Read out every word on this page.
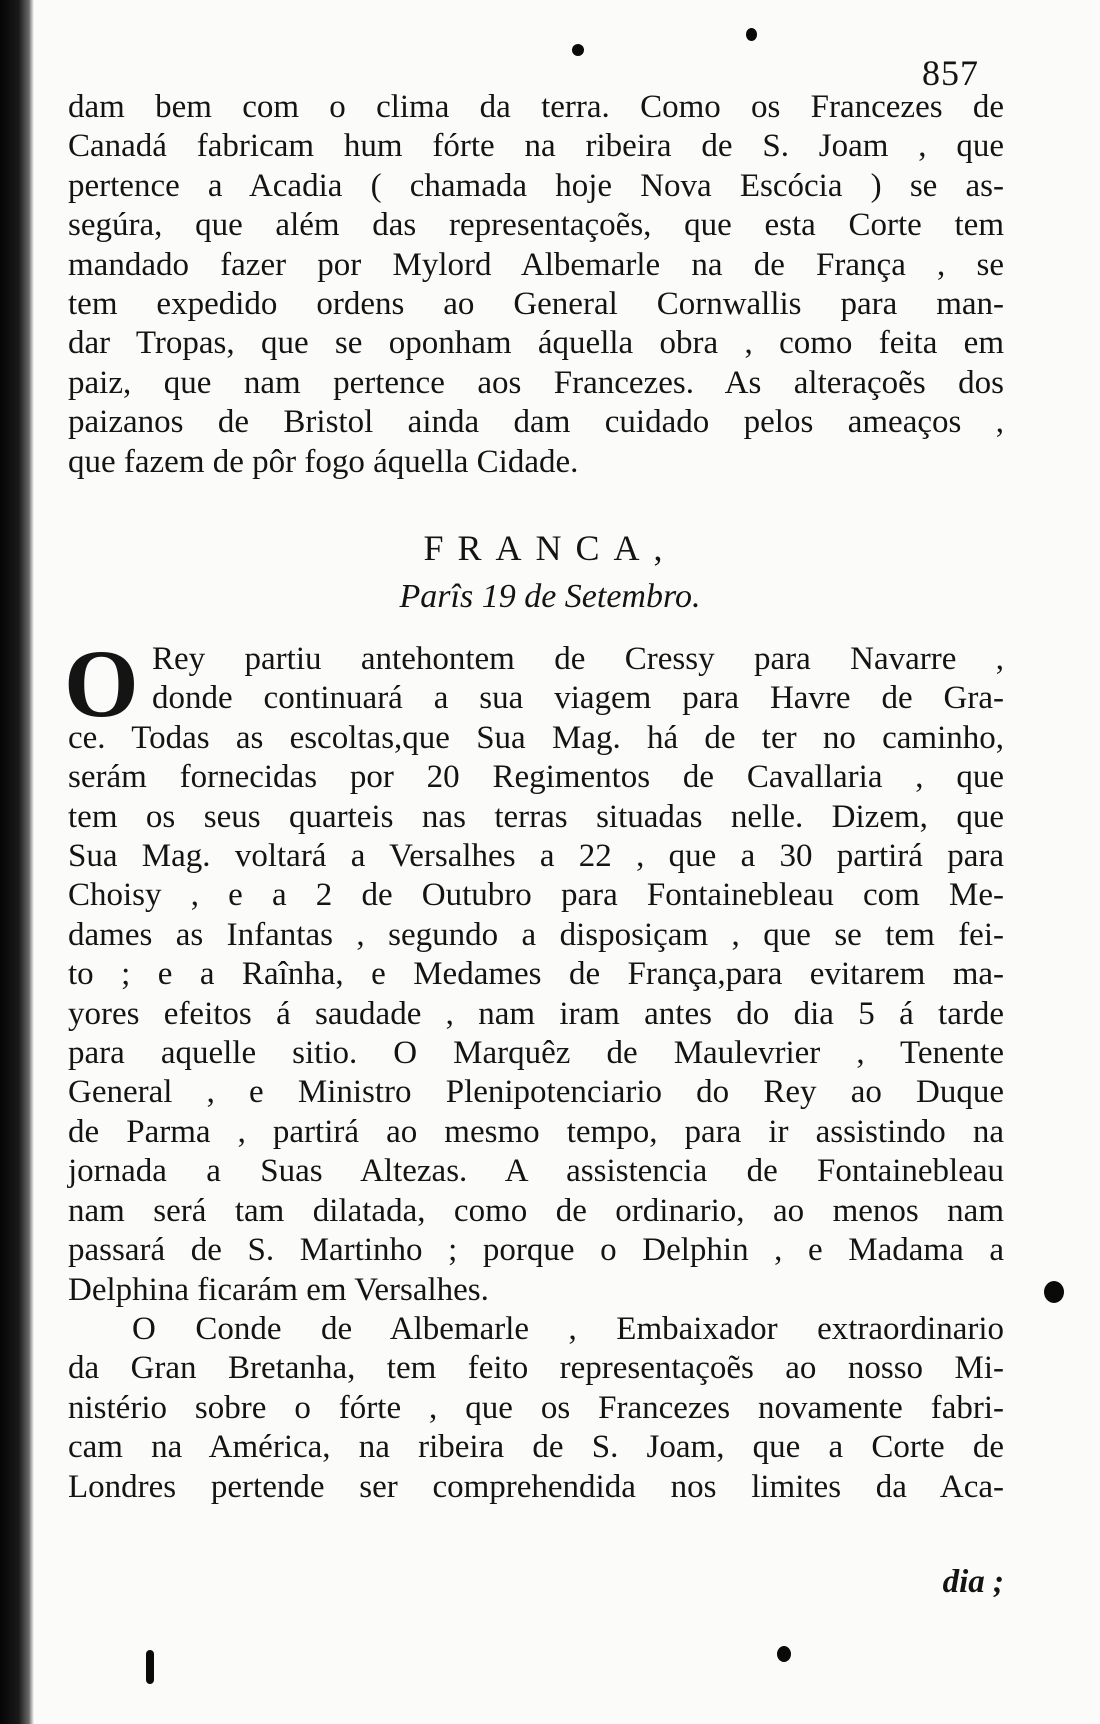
857
dam bem com o clima da terra. Como os Francezes de
Canadá fabricam hum fórte na ribeira de S. Joam , que
pertence a Acadia ( chamada hoje Nova Escócia ) se as-
segúra, que além das representaçoẽs, que esta Corte tem
mandado fazer por Mylord Albemarle na de França , se
tem expedido ordens ao General Cornwallis para man-
dar Tropas, que se oponham áquella obra , como feita em
paiz, que nam pertence aos Francezes. As alteraçoẽs dos
paizanos de Bristol ainda dam cuidado pelos ameaços ,
que fazem de pôr fogo áquella Cidade.
FRANCA,
Parîs 19 de Setembro.
O Rey partiu antehontem de Cressy para Navarre ,
donde continuará a sua viagem para Havre de Gra-
ce. Todas as escoltas,que Sua Mag. há de ter no caminho,
serám fornecidas por 20 Regimentos de Cavallaria , que
tem os seus quarteis nas terras situadas nelle. Dizem, que
Sua Mag. voltará a Versalhes a 22 , que a 30 partirá para
Choisy , e a 2 de Outubro para Fontainebleau com Me-
dames as Infantas , segundo a disposiçam , que se tem fei-
to ; e a Raînha, e Medames de França,para evitarem ma-
yores efeitos á saudade , nam iram antes do dia 5 á tarde
para aquelle sitio. O Marquêz de Maulevrier , Tenente
General , e Ministro Plenipotenciario do Rey ao Duque
de Parma , partirá ao mesmo tempo, para ir assistindo na
jornada a Suas Altezas. A assistencia de Fontainebleau
nam será tam dilatada, como de ordinario, ao menos nam
passará de S. Martinho ; porque o Delphin , e Madama a
Delphina ficarám em Versalhes.
O Conde de Albemarle , Embaixador extraordinario
da Gran Bretanha, tem feito representaçoẽs ao nosso Mi-
nistério sobre o fórte , que os Francezes novamente fabri-
cam na América, na ribeira de S. Joam, que a Corte de
Londres pertende ser comprehendida nos limites da Aca-
dia ;
